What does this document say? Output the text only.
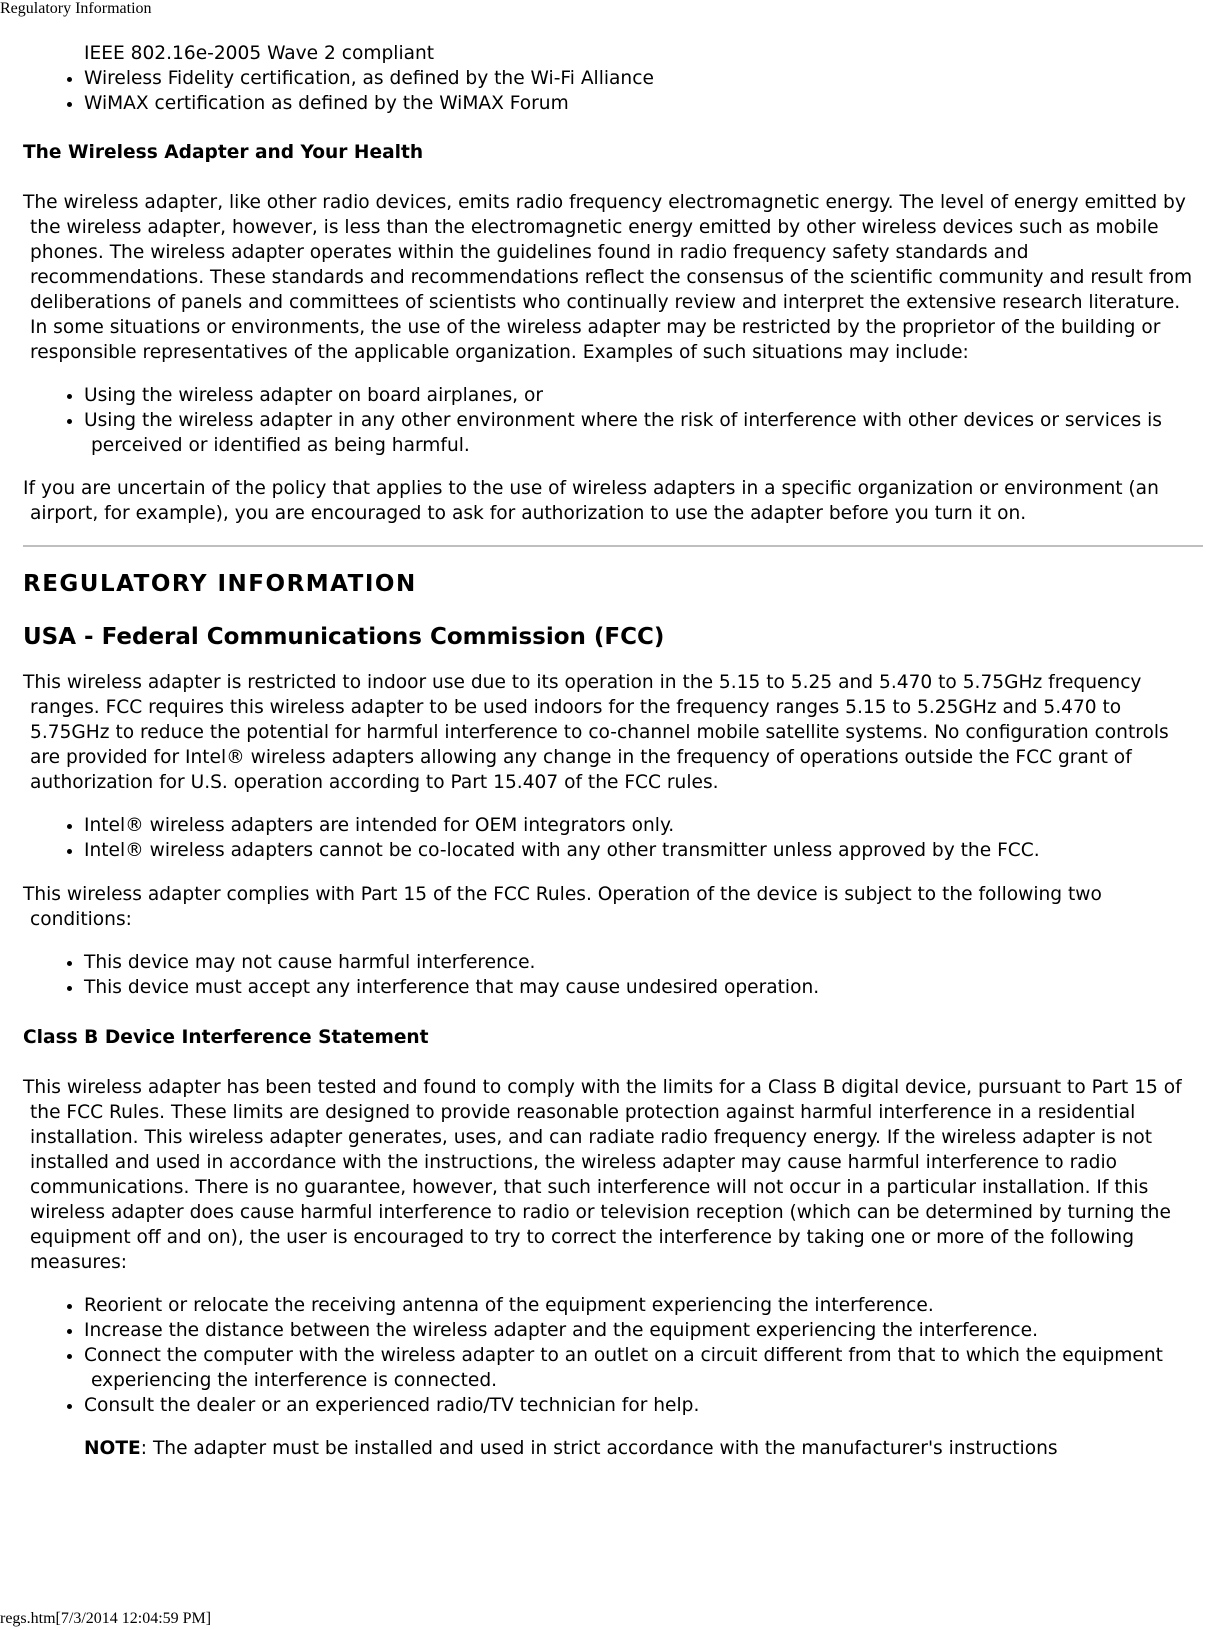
Regulatory Information
IEEE 802.16e-2005 Wave 2 compliant
• Wireless Fidelity certification, as defined by the Wi-Fi Alliance
• WiMAX certification as defined by the WiMAX Forum
The Wireless Adapter and Your Health

The wireless adapter, like other radio devices, emits radio frequency electromagnetic energy. The level of energy emitted by the wireless adapter, however, is less than the electromagnetic energy emitted by other wireless devices such as mobile phones. The wireless adapter operates within the guidelines found in radio frequency safety standards and recommendations. These standards and recommendations reflect the consensus of the scientific community and result from deliberations of panels and committees of scientists who continually review and interpret the extensive research literature. In some situations or environments, the use of the wireless adapter may be restricted by the proprietor of the building or responsible representatives of the applicable organization. Examples of such situations may include:

• Using the wireless adapter on board airplanes, or
• Using the wireless adapter in any other environment where the risk of interference with other devices or services is perceived or identified as being harmful.

If you are uncertain of the policy that applies to the use of wireless adapters in a specific organization or environment (an airport, for example), you are encouraged to ask for authorization to use the adapter before you turn it on.

REGULATORY INFORMATION
USA - Federal Communications Commission (FCC)

This wireless adapter is restricted to indoor use due to its operation in the 5.15 to 5.25 and 5.470 to 5.75GHz frequency ranges. FCC requires this wireless adapter to be used indoors for the frequency ranges 5.15 to 5.25GHz and 5.470 to 5.75GHz to reduce the potential for harmful interference to co-channel mobile satellite systems. No configuration controls are provided for Intel® wireless adapters allowing any change in the frequency of operations outside the FCC grant of authorization for U.S. operation according to Part 15.407 of the FCC rules.

• Intel® wireless adapters are intended for OEM integrators only.
• Intel® wireless adapters cannot be co-located with any other transmitter unless approved by the FCC.

This wireless adapter complies with Part 15 of the FCC Rules. Operation of the device is subject to the following two conditions:

• This device may not cause harmful interference.
• This device must accept any interference that may cause undesired operation.
Class B Device Interference Statement

This wireless adapter has been tested and found to comply with the limits for a Class B digital device, pursuant to Part 15 of the FCC Rules. These limits are designed to provide reasonable protection against harmful interference in a residential installation. This wireless adapter generates, uses, and can radiate radio frequency energy. If the wireless adapter is not installed and used in accordance with the instructions, the wireless adapter may cause harmful interference to radio communications. There is no guarantee, however, that such interference will not occur in a particular installation. If this wireless adapter does cause harmful interference to radio or television reception (which can be determined by turning the equipment off and on), the user is encouraged to try to correct the interference by taking one or more of the following measures:

• Reorient or relocate the receiving antenna of the equipment experiencing the interference.
• Increase the distance between the wireless adapter and the equipment experiencing the interference.
• Connect the computer with the wireless adapter to an outlet on a circuit different from that to which the equipment experiencing the interference is connected.
• Consult the dealer or an experienced radio/TV technician for help.

NOTE: The adapter must be installed and used in strict accordance with the manufacturer's instructions

regs.htm[7/3/2014 12:04:59 PM]
